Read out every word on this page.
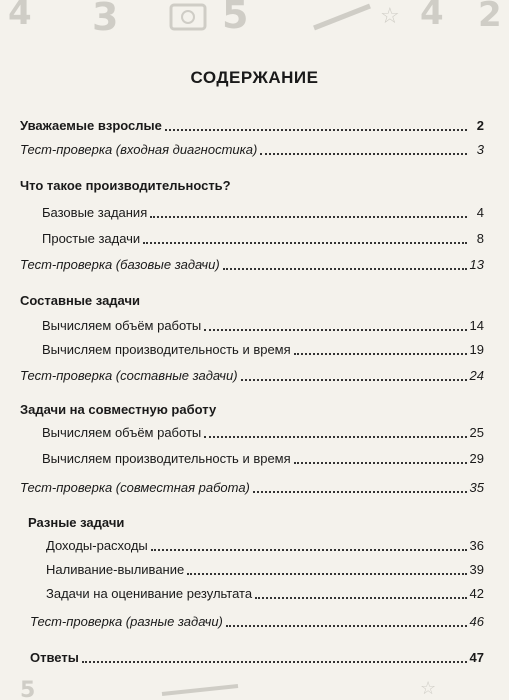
4 3	5	☆ 2
4
СОДЕРЖАНИЕ
Уважаемые взрослые	2
Тест-проверка (входная диагностика)	3
Что такое производительность?
Базовые задания	4
Простые задачи	8
Тест-проверка (базовые задачи)	13
Составные задачи
Вычисляем объём работы	14
Вычисляем производительность и время	19
Тест-проверка (составные задачи)	24
Задачи на совместную работу
Вычисляем объём работы	25
Вычисляем производительность и время	29
Тест-проверка (совместная работа)	35
Разные задачи
Доходы-расходы	36
Наливание-выливание	39
Задачи на оценивание результата	42
Тест-проверка (разные задачи)	46
Ответы	47
5	☆
